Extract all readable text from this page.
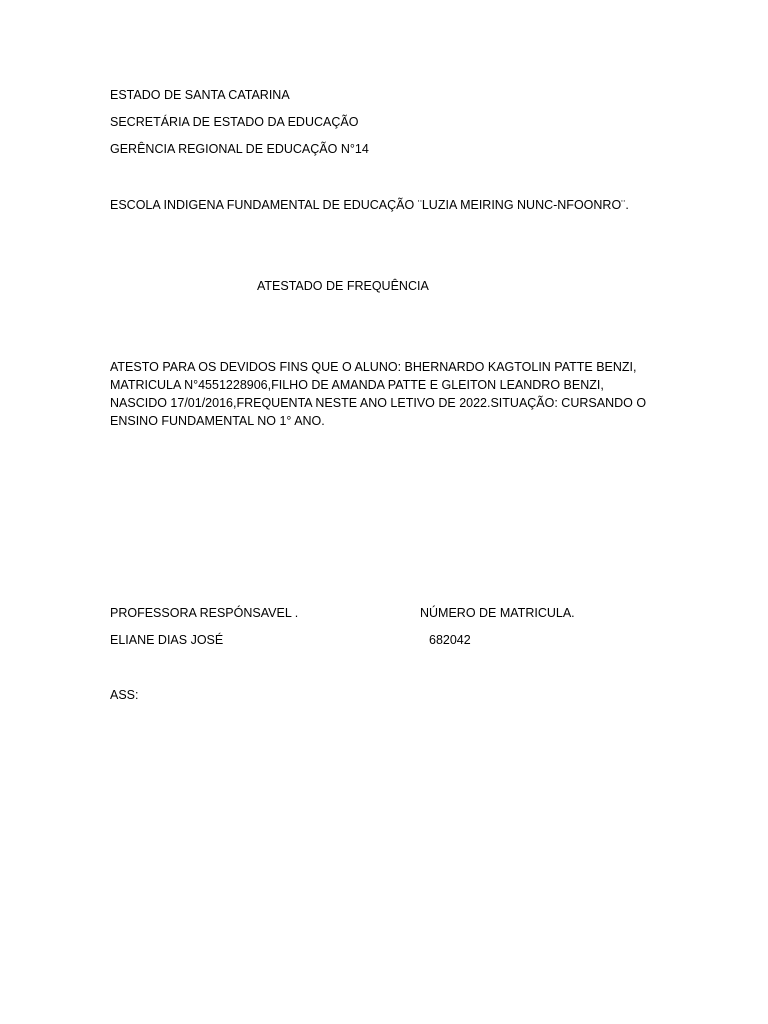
ESTADO DE SANTA CATARINA

SECRETÁRIA DE ESTADO DA EDUCAÇÃO

GERÊNCIA REGIONAL DE EDUCAÇÃO N°14

ESCOLA INDIGENA FUNDAMENTAL DE EDUCAÇÃO ¨LUZIA MEIRING NUNC-NFOONRO¨.

ATESTADO DE FREQUÊNCIA

ATESTO PARA OS DEVIDOS FINS QUE O ALUNO: BHERNARDO KAGTOLIN PATTE BENZI, MATRICULA N°4551228906,FILHO DE AMANDA PATTE E GLEITON LEANDRO BENZI, NASCIDO 17/01/2016,FREQUENTA NESTE ANO LETIVO DE 2022.SITUAÇÃO: CURSANDO O ENSINO FUNDAMENTAL NO 1° ANO.

PROFESSORA RESPÓNSAVEL .	NÚMERO DE MATRICULA.

ELIANE DIAS JOSÉ	682042

ASS:
